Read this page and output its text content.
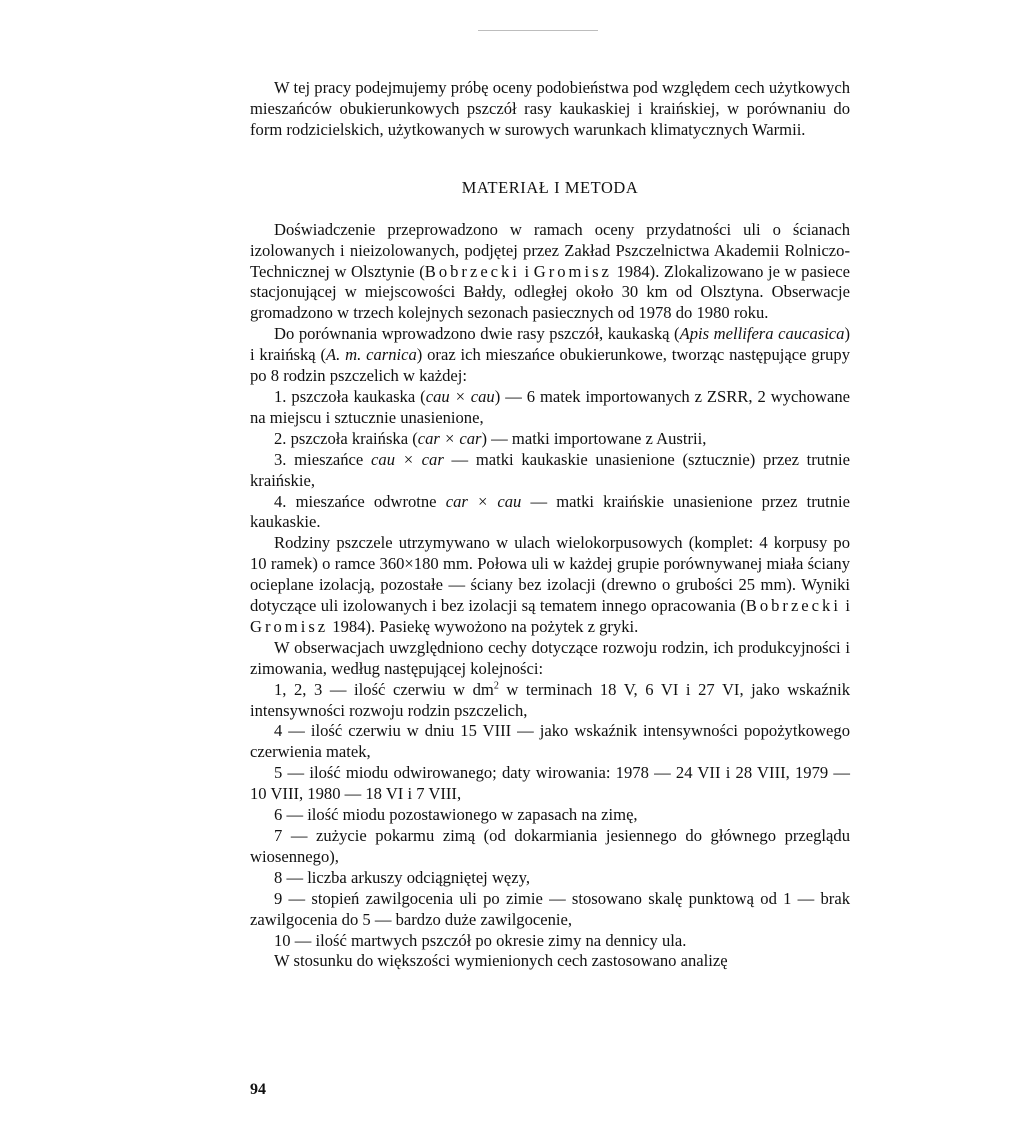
W tej pracy podejmujemy próbę oceny podobieństwa pod względem cech użytkowych mieszańców obukierunkowych pszczół rasy kaukaskiej i kraińskiej, w porównaniu do form rodzicielskich, użytkowanych w surowych warunkach klimatycznych Warmii.

MATERIAŁ I METODA

Doświadczenie przeprowadzono w ramach oceny przydatności uli o ścianach izolowanych i nieizolowanych, podjętej przez Zakład Pszczelnictwa Akademii Rolniczo-Technicznej w Olsztynie (Bobrzecki i Gromisz 1984). Zlokalizowano je w pasiece stacjonującej w miejscowości Bałdy, odległej około 30 km od Olsztyna. Obserwacje gromadzono w trzech kolejnych sezonach pasiecznych od 1978 do 1980 roku.

Do porównania wprowadzono dwie rasy pszczół, kaukaską (Apis mellifera caucasica) i kraińską (A. m. carnica) oraz ich mieszańce obukierunkowe, tworząc następujące grupy po 8 rodzin pszczelich w każdej:

1. pszczoła kaukaska (cau × cau) — 6 matek importowanych z ZSRR, 2 wychowane na miejscu i sztucznie unasienione,

2. pszczoła kraińska (car × car) — matki importowane z Austrii,

3. mieszańce cau × car — matki kaukaskie unasienione (sztucznie) przez trutnie kraińskie,

4. mieszańce odwrotne car × cau — matki kraińskie unasienione przez trutnie kaukaskie.

Rodziny pszczele utrzymywano w ulach wielokorpusowych (komplet: 4 korpusy po 10 ramek) o ramce 360×180 mm. Połowa uli w każdej grupie porównywanej miała ściany ocieplane izolacją, pozostałe — ściany bez izolacji (drewno o grubości 25 mm). Wyniki dotyczące uli izolowanych i bez izolacji są tematem innego opracowania (Bobrzecki i Gromisz 1984). Pasiekę wywożono na pożytek z gryki.

W obserwacjach uwzględniono cechy dotyczące rozwoju rodzin, ich produkcyjności i zimowania, według następującej kolejności:

1, 2, 3 — ilość czerwiu w $dm^2$ w terminach 18 V, 6 VI i 27 VI, jako wskaźnik intensywności rozwoju rodzin pszczelich,

4 — ilość czerwiu w dniu 15 VIII — jako wskaźnik intensywności popożytkowego czerwienia matek,

5 — ilość miodu odwirowanego; daty wirowania: 1978 — 24 VII i 28 VIII, 1979 — 10 VIII, 1980 — 18 VI i 7 VIII,

6 — ilość miodu pozostawionego w zapasach na zimę,

7 — zużycie pokarmu zimą (od dokarmiania jesiennego do głównego przeglądu wiosennego),

8 — liczba arkuszy odciągniętej węzy,

9 — stopień zawilgocenia uli po zimie — stosowano skalę punktową od 1 — brak zawilgocenia do 5 — bardzo duże zawilgocenie,

10 — ilość martwych pszczół po okresie zimy na dennicy ula.

W stosunku do większości wymienionych cech zastosowano analizę

94
